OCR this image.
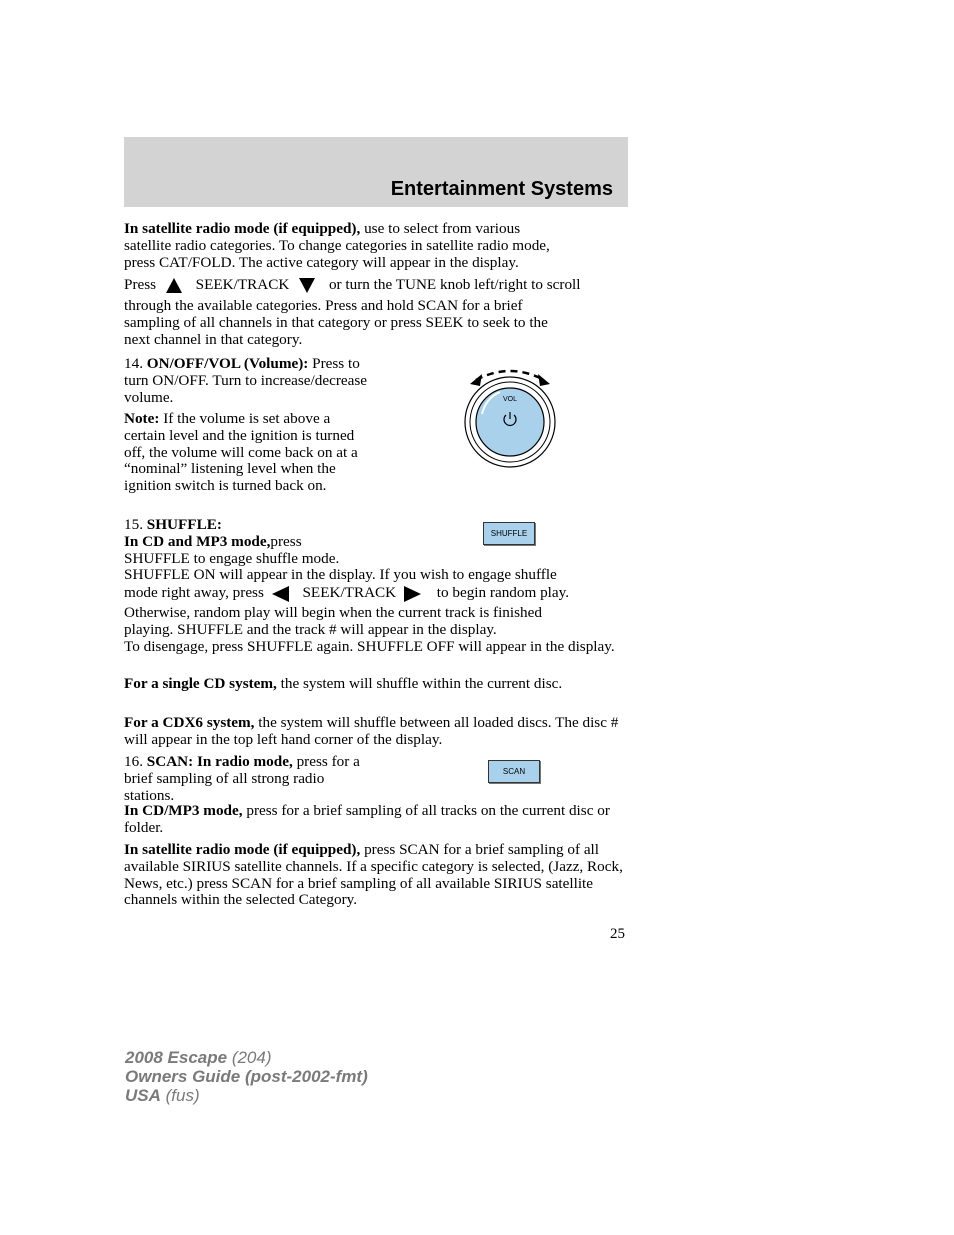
Entertainment Systems
In satellite radio mode (if equipped), use to select from various
satellite radio categories. To change categories in satellite radio mode,
press CAT/FOLD. The active category will appear in the display.
Press	SEEK/TRACK	or turn the TUNE knob left/right to scroll
through the available categories. Press and hold SCAN for a brief
sampling of all channels in that category or press SEEK to seek to the
next channel in that category.
14. ON/OFF/VOL (Volume): Press to turn ON/OFF. Turn to increase/decrease volume.
Note: If the volume is set above a certain level and the ignition is turned off, the volume will come back on at a “nominal” listening level when the ignition switch is turned back on.
VOL
15. SHUFFLE:
In CD and MP3 mode,press
SHUFFLE to engage shuffle mode.
SHUFFLE ON will appear in the display. If you wish to engage shuffle
SHUFFLE
mode right away, press	SEEK/TRACK	to begin random play.
Otherwise, random play will begin when the current track is finished
playing. SHUFFLE and the track # will appear in the display.
To disengage, press SHUFFLE again. SHUFFLE OFF will appear in the display.
For a single CD system, the system will shuffle within the current disc.
For a CDX6 system, the system will shuffle between all loaded discs. The disc # will appear in the top left hand corner of the display.
16. SCAN: In radio mode, press for a brief sampling of all strong radio stations.
SCAN
In CD/MP3 mode, press for a brief sampling of all tracks on the current disc or folder.
In satellite radio mode (if equipped), press SCAN for a brief sampling of all available SIRIUS satellite channels. If a specific category is selected, (Jazz, Rock, News, etc.) press SCAN for a brief sampling of all available SIRIUS satellite channels within the selected Category.
25
2008 Escape (204)
Owners Guide (post-2002-fmt)
USA (fus)
